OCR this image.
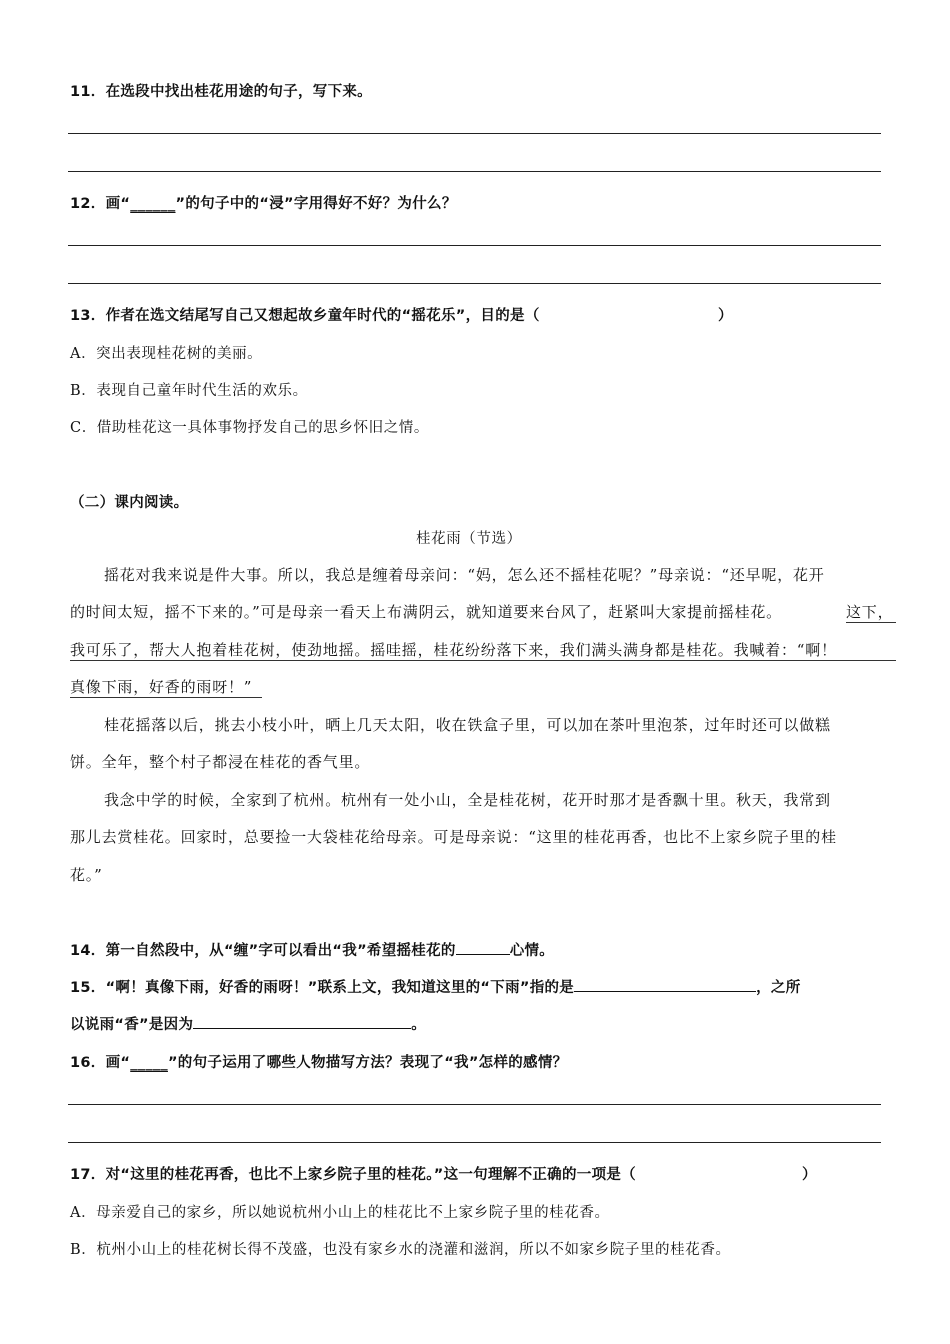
11．在选段中找出桂花用途的句子，写下来。
12．画“______”的句子中的“浸”字用得好不好？为什么？
13．作者在选文结尾写自己又想起故乡童年时代的“摇花乐”，目的是（	）
A．突出表现桂花树的美丽。
B．表现自己童年时代生活的欢乐。
C．借助桂花这一具体事物抒发自己的思乡怀旧之情。
（二）课内阅读。
桂花雨（节选）
摇花对我来说是件大事。所以，我总是缠着母亲问：“妈，怎么还不摇桂花呢？”母亲说：“还早呢，花开
的时间太短，摇不下来的。”可是母亲一看天上布满阴云，就知道要来台风了，赶紧叫大家提前摇桂花。	这下，
我可乐了，帮大人抱着桂花树，使劲地摇。摇哇摇，桂花纷纷落下来，我们满头满身都是桂花。我喊着：“啊！
真像下雨，好香的雨呀！”
桂花摇落以后，挑去小枝小叶，晒上几天太阳，收在铁盒子里，可以加在茶叶里泡茶，过年时还可以做糕
饼。全年，整个村子都浸在桂花的香气里。
我念中学的时候，全家到了杭州。杭州有一处小山，全是桂花树，花开时那才是香飘十里。秋天，我常到
那儿去赏桂花。回家时，总要捡一大袋桂花给母亲。可是母亲说：“这里的桂花再香，也比不上家乡院子里的桂
花。”
14．第一自然段中，从“缠”字可以看出“我”希望摇桂花的	心情。
15．“啊！真像下雨，好香的雨呀！”联系上文，我知道这里的“下雨”指的是	，之所
以说雨“香”是因为	。
16．画“_____”的句子运用了哪些人物描写方法？表现了“我”怎样的感情？
17．对“这里的桂花再香，也比不上家乡院子里的桂花。”这一句理解不正确的一项是（	）
A．母亲爱自己的家乡，所以她说杭州小山上的桂花比不上家乡院子里的桂花香。
B．杭州小山上的桂花树长得不茂盛，也没有家乡水的浇灌和滋润，所以不如家乡院子里的桂花香。
